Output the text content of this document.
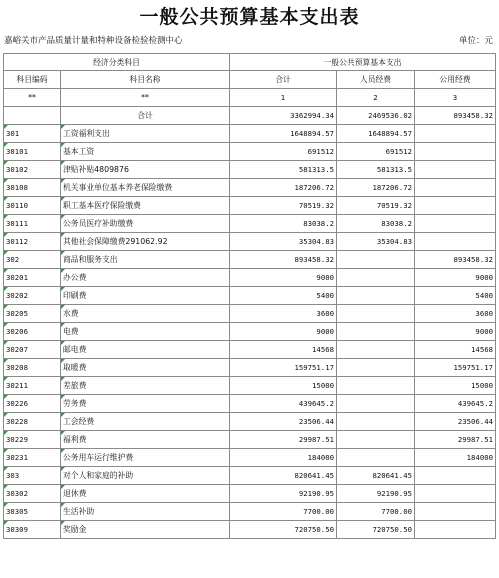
一般公共预算基本支出表
嘉峪关市产品质量计量和特种设备检验检测中心	单位：元
经济分类科目		一般公共预算基本支出		
科目编码	科目名称	合计	人员经费	公用经费
**	**	1	2	3
	合计	3362994.34	2469536.02	893458.32
301	工资福利支出	1648894.57	1648894.57	
30101	基本工资	691512	691512	
30102	津贴补贴4809876	581313.5	581313.5	
30108	机关事业单位基本养老保险缴费	187206.72	187206.72	
30110	职工基本医疗保险缴费	70519.32	70519.32	
30111	公务员医疗补助缴费	83038.2	83038.2	
30112	其他社会保障缴费291062.92	35304.83	35304.83	
302	商品和服务支出	893458.32		893458.32
30201	办公费	9000		9000
30202	印刷费	5400		5400
30205	水费	3600		3600
30206	电费	9000		9000
30207	邮电费	14568		14568
30208	取暖费	159751.17		159751.17
30211	差旅费	15000		15000
30226	劳务费	439645.2		439645.2
30228	工会经费	23506.44		23506.44
30229	福利费	29987.51		29987.51
30231	公务用车运行维护费	184000		184000
303	对个人和家庭的补助	820641.45	820641.45	
30302	退休费	92190.95	92190.95	
30305	生活补助	7700.00	7700.00	
30309	奖励金	720750.50	720750.50	
